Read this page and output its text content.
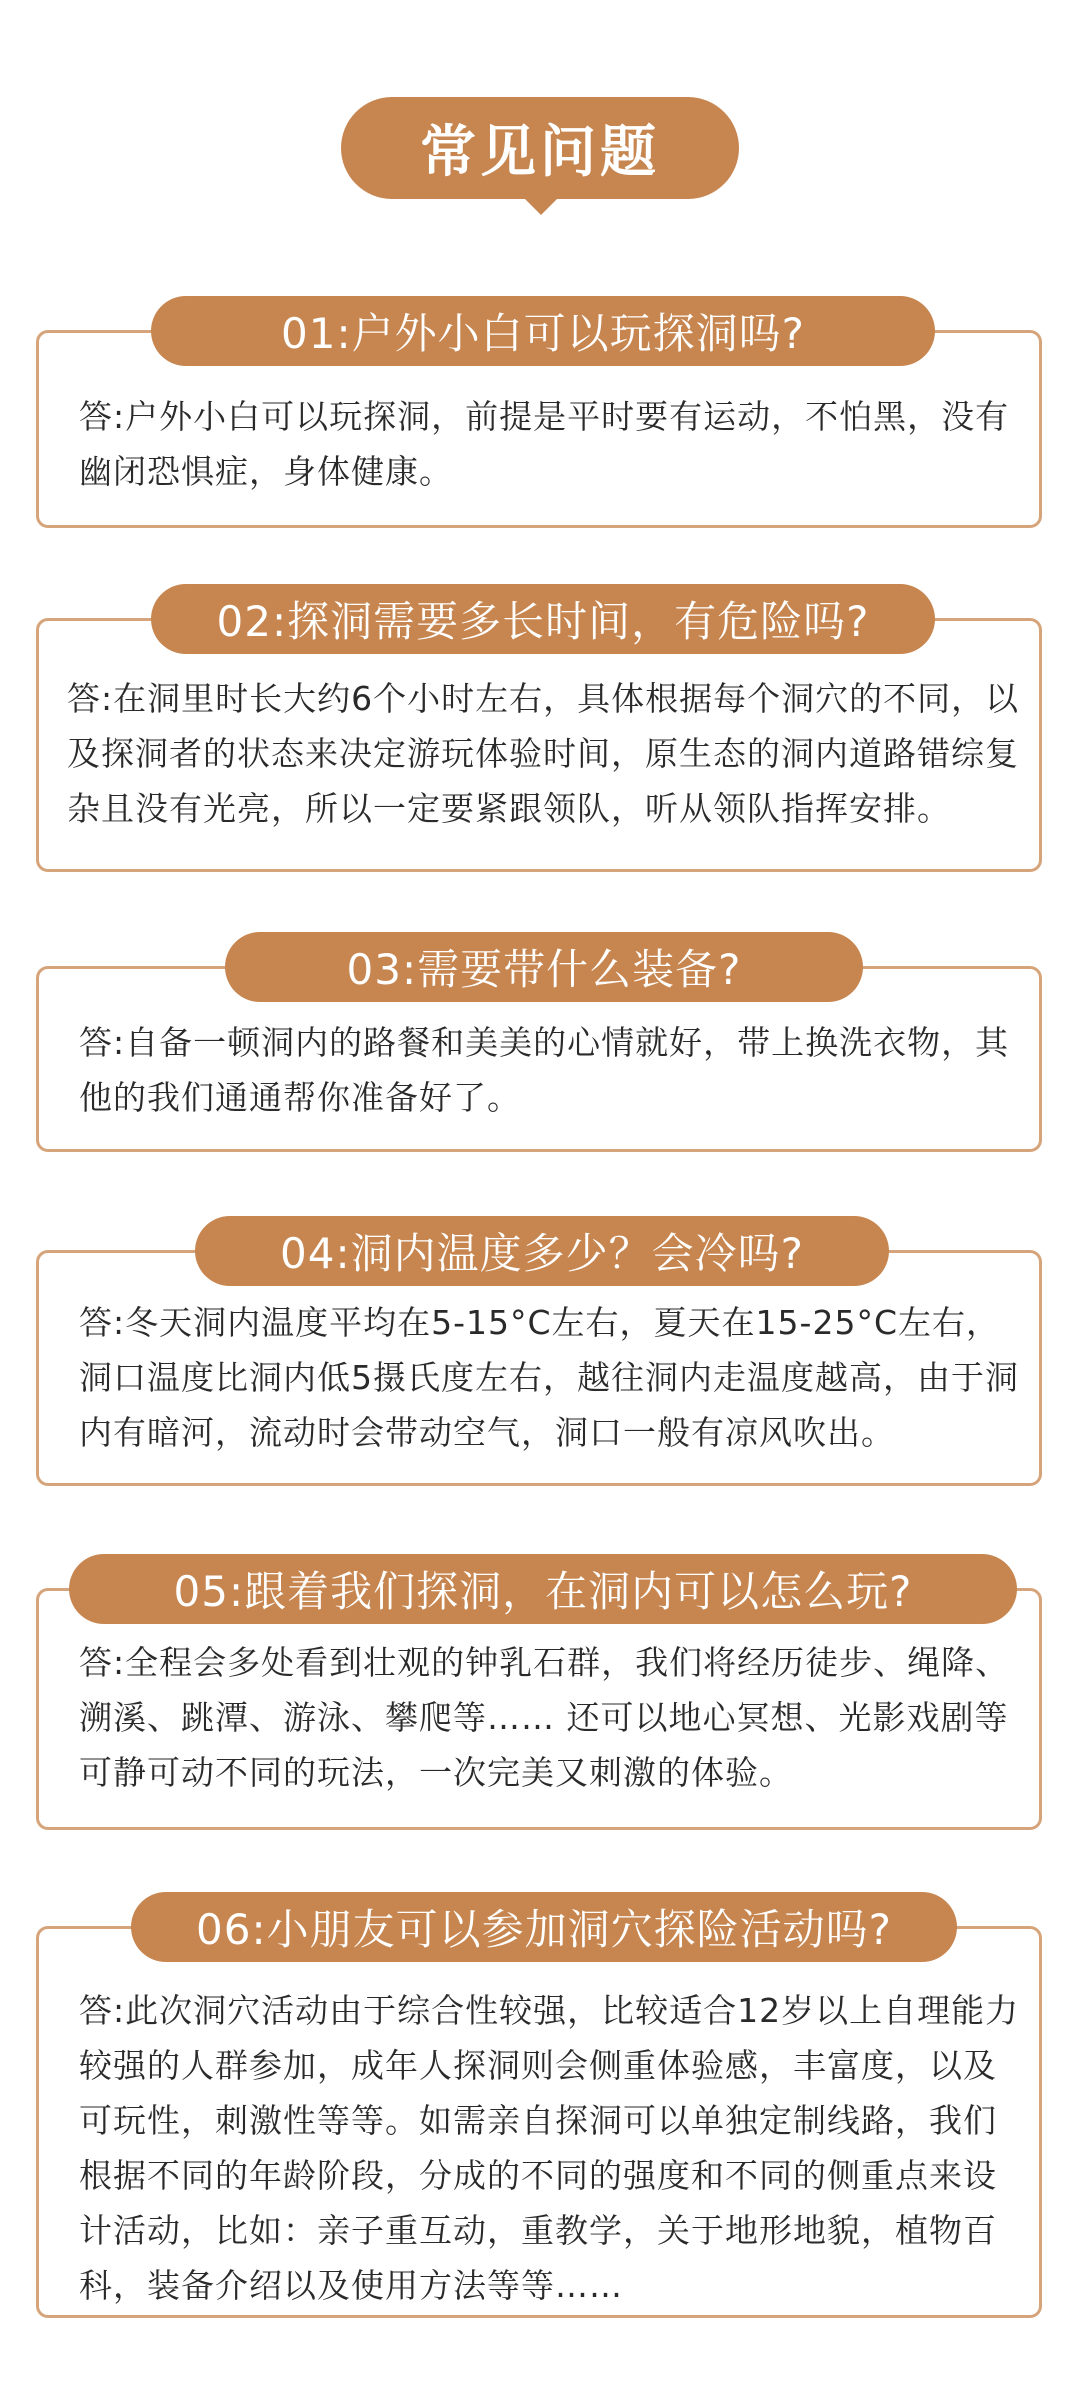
常见问题
01:户外小白可以玩探洞吗?
答:户外小白可以玩探洞，前提是平时要有运动，不怕黑，没有幽闭恐惧症，身体健康。
02:探洞需要多长时间，有危险吗?
答:在洞里时长大约6个小时左右，具体根据每个洞穴的不同，以及探洞者的状态来决定游玩体验时间，原生态的洞内道路错综复杂且没有光亮，所以一定要紧跟领队，听从领队指挥安排。
03:需要带什么装备?
答:自备一顿洞内的路餐和美美的心情就好，带上换洗衣物，其他的我们通通帮你准备好了。
04:洞内温度多少？会冷吗?
答:冬天洞内温度平均在5-15°C左右，夏天在15-25°C左右，洞口温度比洞内低5摄氏度左右，越往洞内走温度越高，由于洞内有暗河，流动时会带动空气，洞口一般有凉风吹出。
05:跟着我们探洞，在洞内可以怎么玩?
答:全程会多处看到壮观的钟乳石群，我们将经历徒步、绳降、溯溪、跳潭、游泳、攀爬等…… 还可以地心冥想、光影戏剧等可静可动不同的玩法，一次完美又刺激的体验。
06:小朋友可以参加洞穴探险活动吗?
答:此次洞穴活动由于综合性较强，比较适合12岁以上自理能力较强的人群参加，成年人探洞则会侧重体验感，丰富度，以及可玩性，刺激性等等。如需亲自探洞可以单独定制线路，我们根据不同的年龄阶段，分成的不同的强度和不同的侧重点来设计活动，比如：亲子重互动，重教学，关于地形地貌，植物百科，装备介绍以及使用方法等等……
